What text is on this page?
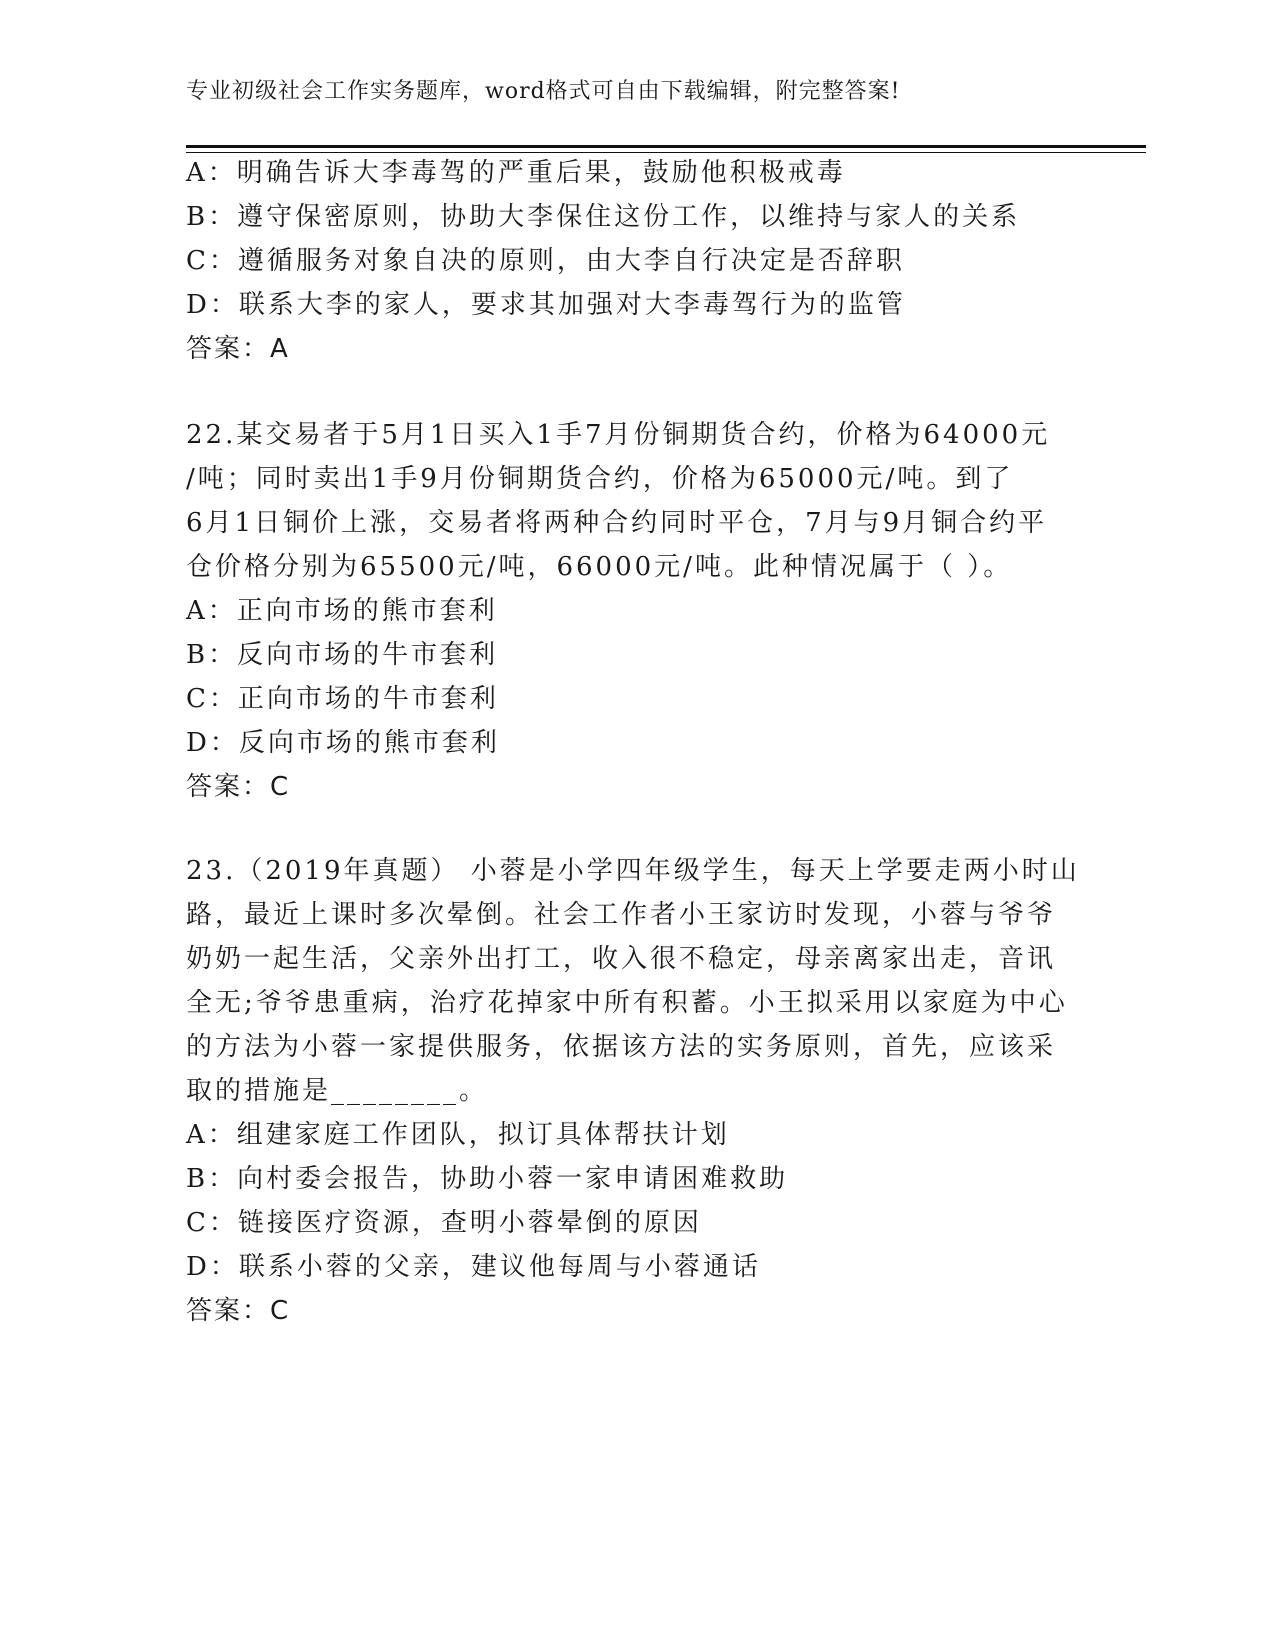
专业初级社会工作实务题库，word格式可自由下载编辑，附完整答案!
A：明确告诉大李毒驾的严重后果，鼓励他积极戒毒
B：遵守保密原则，协助大李保住这份工作，以维持与家人的关系
C：遵循服务对象自决的原则，由大李自行决定是否辞职
D：联系大李的家人，要求其加强对大李毒驾行为的监管
答案：A
22.某交易者于5月1日买入1手7月份铜期货合约，价格为64000元
/吨；同时卖出1手9月份铜期货合约，价格为65000元/吨。到了
6月1日铜价上涨，交易者将两种合约同时平仓，7月与9月铜合约平
仓价格分别为65500元/吨，66000元/吨。此种情况属于（ ）。
A：正向市场的熊市套利
B：反向市场的牛市套利
C：正向市场的牛市套利
D：反向市场的熊市套利
答案：C
23.（2019年真题） 小蓉是小学四年级学生，每天上学要走两小时山
路，最近上课时多次晕倒。社会工作者小王家访时发现，小蓉与爷爷
奶奶一起生活，父亲外出打工，收入很不稳定，母亲离家出走，音讯
全无;爷爷患重病，治疗花掉家中所有积蓄。小王拟采用以家庭为中心
的方法为小蓉一家提供服务，依据该方法的实务原则，首先，应该采
取的措施是________。
A：组建家庭工作团队，拟订具体帮扶计划
B：向村委会报告，协助小蓉一家申请困难救助
C：链接医疗资源，查明小蓉晕倒的原因
D：联系小蓉的父亲，建议他每周与小蓉通话
答案：C
